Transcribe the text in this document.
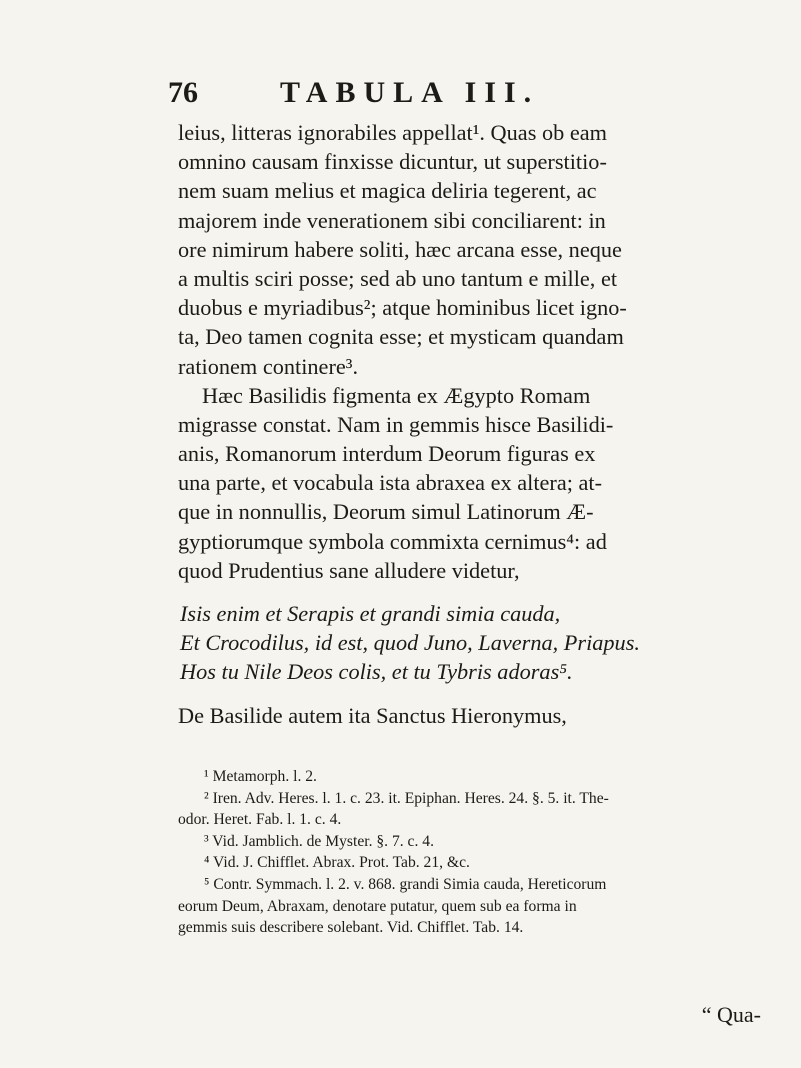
76	TABULA III.
leius, litteras ignorabiles appellat¹. Quas ob eam
omnino causam finxisse dicuntur, ut superstitio-
nem suam melius et magica deliria tegerent, ac
majorem inde venerationem sibi conciliarent: in
ore nimirum habere soliti, hæc arcana esse, neque
a multis sciri posse; sed ab uno tantum e mille, et
duobus e myriadibus²; atque hominibus licet igno-
ta, Deo tamen cognita esse; et mysticam quandam
rationem continere³.
Hæc Basilidis figmenta ex Ægypto Romam
migrasse constat. Nam in gemmis hisce Basilidi-
anis, Romanorum interdum Deorum figuras ex
una parte, et vocabula ista abraxea ex altera; at-
que in nonnullis, Deorum simul Latinorum Æ-
gyptiorumque symbola commixta cernimus⁴: ad
quod Prudentius sane alludere videtur,
Isis enim et Serapis et grandi simia cauda,
Et Crocodilus, id est, quod Juno, Laverna, Priapus.
Hos tu Nile Deos colis, et tu Tybris adoras⁵.
De Basilide autem ita Sanctus Hieronymus,
¹ Metamorph. l. 2.
² Iren. Adv. Heres. l. 1. c. 23. it. Epiphan. Heres. 24. §. 5. it. The-
odor. Heret. Fab. l. 1. c. 4.
³ Vid. Jamblich. de Myster. §. 7. c. 4.
⁴ Vid. J. Chifflet. Abrax. Prot. Tab. 21, &c.
⁵ Contr. Symmach. l. 2. v. 868. grandi Simia cauda, Hereticorum
eorum Deum, Abraxam, denotare putatur, quem sub ea forma in
gemmis suis describere solebant. Vid. Chifflet. Tab. 14.
“ Qua-
